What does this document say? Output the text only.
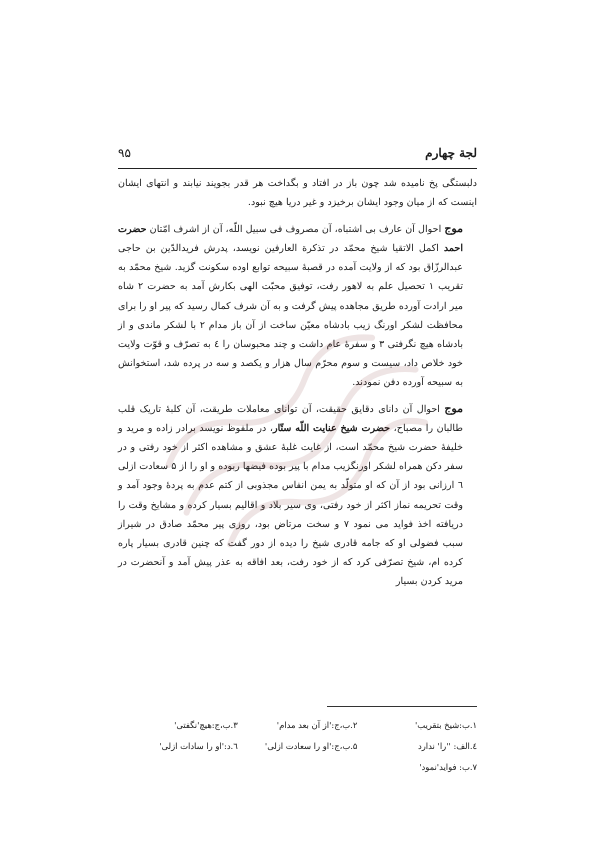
لجة چهارم
۹۵

دلبستگی پخ نامیده شد چون باز در افتاد و بگداخت هر قدر بجویند نیابند و انتهای ایشان اینست که از میان وجود ایشان برخیزد و غیر دریا هیچ نبود.

موج احوال آن عارف بی اشتباه، آن مصروف فی سبیل اللّه، آن از اشرف امّتان حضرت احمد اکمل الاتقیا شیخ محمّد در تذکرة العارفین نویسد، پدرش فریدالدّین بن حاجی عبدالرزّاق بود که از ولایت آمده در قصبهٔ سبیحه توابع اوده سکونت گزید. شیخ محمّد به تقریب ۱ تحصیل علم به لاهور رفت، توفیق محبّت الهی بکارش آمد به حضرت ۲ شاه میر ارادت آورده طریق مجاهده پیش گرفت و به آن شرف کمال رسید که پیر او را برای محافظت لشکر اورنگ زیب بادشاه معیّن ساخت از آن باز مدام ۲ با لشکر ماندی و از بادشاه هیچ نگرفتی ۳ و سفرهٔ عام داشت و چند محبوسان را ٤ به تصرّف و قوّت ولایت خود خلاص داد، سیست و سوم محرّم سال هزار و یکصد و سه در پرده شد، استخوانش به سبیحه آورده دفن نمودند.

موج احوال آن دانای دقایق حقیقت، آن توانای معاملات طریقت، آن کلبهٔ تاریک قلب طالبان را مصباح، حضرت شیخ عنایت اللّه ستّار، در ملفوظ نویسد برادر زاده و مرید و خلیفهٔ حضرت شیخ محمّد است، از غایت غلبهٔ عشق و مشاهده اکثر از خود رفتی و در سفر دکن همراه لشکر اورنگزیب مدام با پیر بوده فیضها ربوده و او را از ۵ سعادت ازلی ٦ ارزانی بود از آن که او متولّد به یمن انفاس مجذوبی از کتم عدم به پردهٔ وجود آمد و وقت تحریمه نماز اکثر از خود رفتی، وی سیر بلاد و اقالیم بسیار کرده و مشایخ وقت را دریافته اخذ فواید می نمود ۷ و سخت مرتاض بود، روزی پیر محمّد صادق در شیراز سبب فضولی او که جامه قادری شیخ را دیده از دور گفت که چنین قادری بسیار پاره کرده ام، شیخ تصرّفی کرد که از خود رفت، بعد افاقه به عذر پیش آمد و آنحضرت در مرید کردن بسیار

۱.ب:شیخ بتقریب'
۲.ب،ج:'از آن بعد مدام'
۳.ب،ج:هیچ'نگفتی'
٤.الف: ''را' ندارد
۵.ب،ج:'او را سعادت ازلی'
٦.د:'او را سادات ازلی'
۷.ب: فواید'نمود'
